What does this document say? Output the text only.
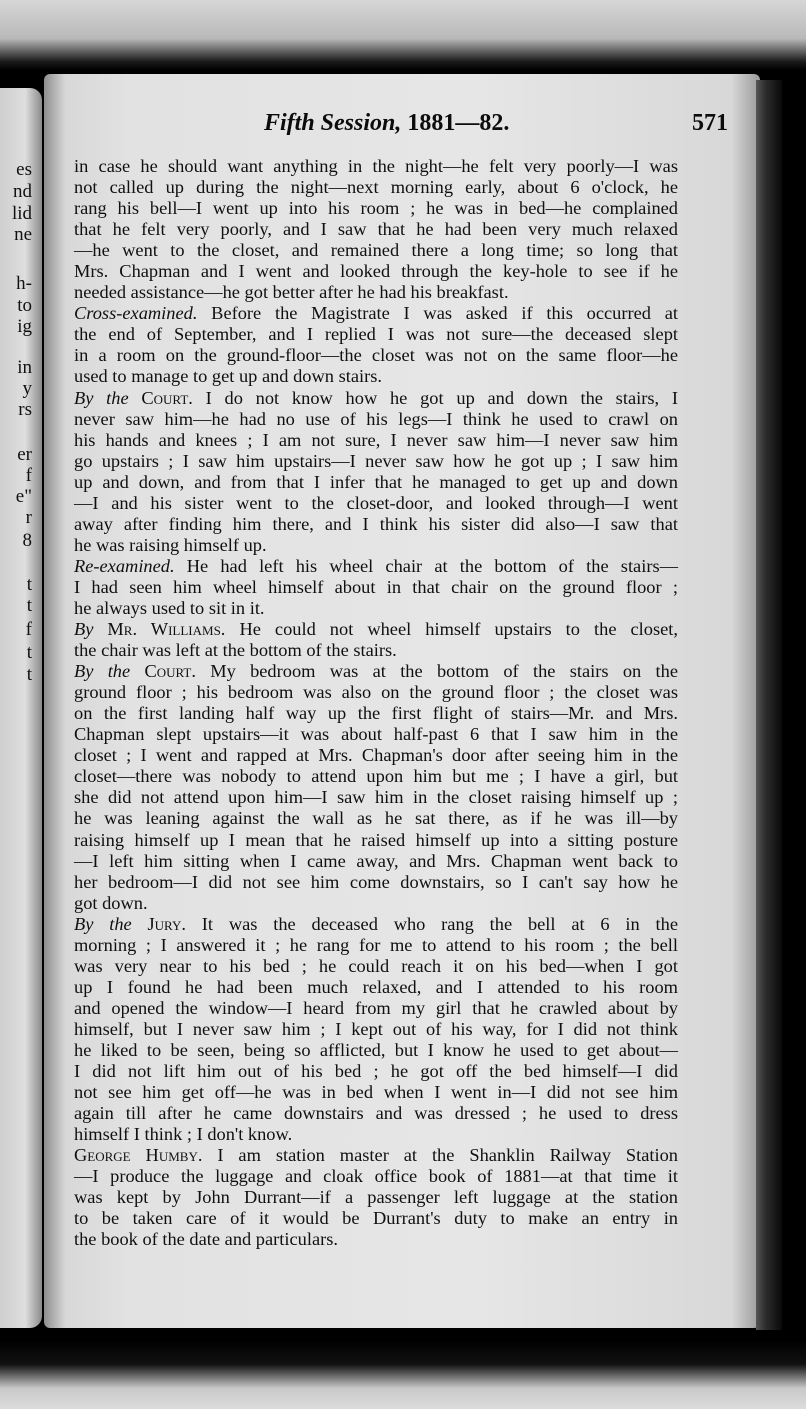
es
nd
lid
ne
h-
to
ig
in
y
rs
er
f
e"
r
8
t
t
f
t
t
Fifth Session, 1881—82.	571
in case he should want anything in the night—he felt very poorly—I was
not called up during the night—next morning early, about 6 o'clock, he
rang his bell—I went up into his room ; he was in bed—he complained
that he felt very poorly, and I saw that he had been very much relaxed
—he went to the closet, and remained there a long time; so long that
Mrs. Chapman and I went and looked through the key-hole to see if he
needed assistance—he got better after he had his breakfast.
Cross-examined. Before the Magistrate I was asked if this occurred at
the end of September, and I replied I was not sure—the deceased slept
in a room on the ground-floor—the closet was not on the same floor—he
used to manage to get up and down stairs.
By the Court. I do not know how he got up and down the stairs, I
never saw him—he had no use of his legs—I think he used to crawl on
his hands and knees ; I am not sure, I never saw him—I never saw him
go upstairs ; I saw him upstairs—I never saw how he got up ; I saw him
up and down, and from that I infer that he managed to get up and down
—I and his sister went to the closet-door, and looked through—I went
away after finding him there, and I think his sister did also—I saw that
he was raising himself up.
Re-examined. He had left his wheel chair at the bottom of the stairs—
I had seen him wheel himself about in that chair on the ground floor ;
he always used to sit in it.
By Mr. Williams. He could not wheel himself upstairs to the closet,
the chair was left at the bottom of the stairs.
By the Court. My bedroom was at the bottom of the stairs on the
ground floor ; his bedroom was also on the ground floor ; the closet was
on the first landing half way up the first flight of stairs—Mr. and Mrs.
Chapman slept upstairs—it was about half-past 6 that I saw him in the
closet ; I went and rapped at Mrs. Chapman's door after seeing him in the
closet—there was nobody to attend upon him but me ; I have a girl, but
she did not attend upon him—I saw him in the closet raising himself up ;
he was leaning against the wall as he sat there, as if he was ill—by
raising himself up I mean that he raised himself up into a sitting posture
—I left him sitting when I came away, and Mrs. Chapman went back to
her bedroom—I did not see him come downstairs, so I can't say how he
got down.
By the Jury. It was the deceased who rang the bell at 6 in the
morning ; I answered it ; he rang for me to attend to his room ; the bell
was very near to his bed ; he could reach it on his bed—when I got
up I found he had been much relaxed, and I attended to his room
and opened the window—I heard from my girl that he crawled about by
himself, but I never saw him ; I kept out of his way, for I did not think
he liked to be seen, being so afflicted, but I know he used to get about—
I did not lift him out of his bed ; he got off the bed himself—I did
not see him get off—he was in bed when I went in—I did not see him
again till after he came downstairs and was dressed ; he used to dress
himself I think ; I don't know.
George Humby. I am station master at the Shanklin Railway Station
—I produce the luggage and cloak office book of 1881—at that time it
was kept by John Durrant—if a passenger left luggage at the station
to be taken care of it would be Durrant's duty to make an entry in
the book of the date and particulars.
